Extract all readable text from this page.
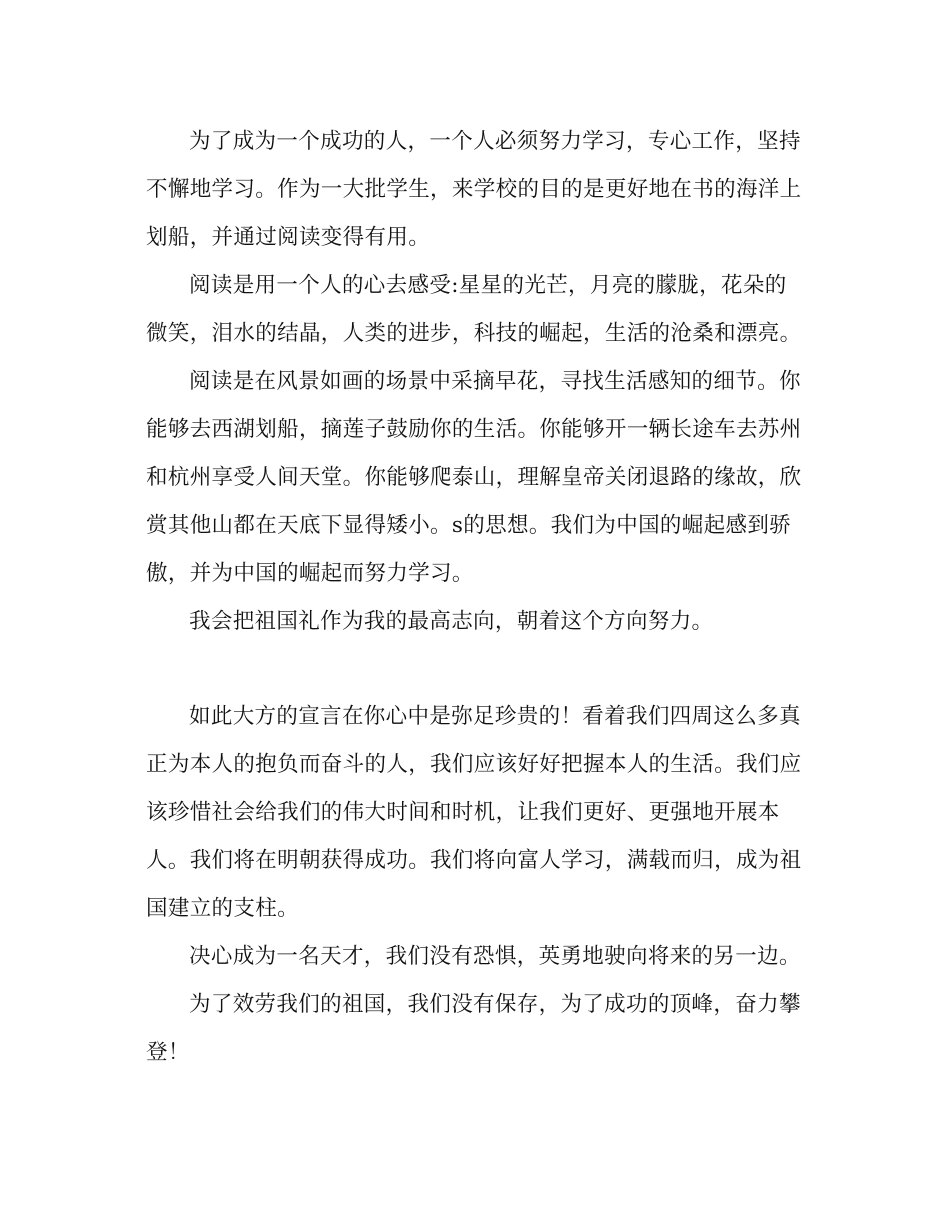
为了成为一个成功的人，一个人必须努力学习，专心工作，坚持不懈地学习。作为一大批学生，来学校的目的是更好地在书的海洋上划船，并通过阅读变得有用。

阅读是用一个人的心去感受:星星的光芒，月亮的朦胧，花朵的微笑，泪水的结晶，人类的进步，科技的崛起，生活的沧桑和漂亮。

阅读是在风景如画的场景中采摘早花，寻找生活感知的细节。你能够去西湖划船，摘莲子鼓励你的生活。你能够开一辆长途车去苏州和杭州享受人间天堂。你能够爬泰山，理解皇帝关闭退路的缘故，欣赏其他山都在天底下显得矮小。s的思想。我们为中国的崛起感到骄傲，并为中国的崛起而努力学习。

我会把祖国礼作为我的最高志向，朝着这个方向努力。

如此大方的宣言在你心中是弥足珍贵的！看着我们四周这么多真正为本人的抱负而奋斗的人，我们应该好好把握本人的生活。我们应该珍惜社会给我们的伟大时间和时机，让我们更好、更强地开展本人。我们将在明朝获得成功。我们将向富人学习，满载而归，成为祖国建立的支柱。

决心成为一名天才，我们没有恐惧，英勇地驶向将来的另一边。

为了效劳我们的祖国，我们没有保存，为了成功的顶峰，奋力攀登！
